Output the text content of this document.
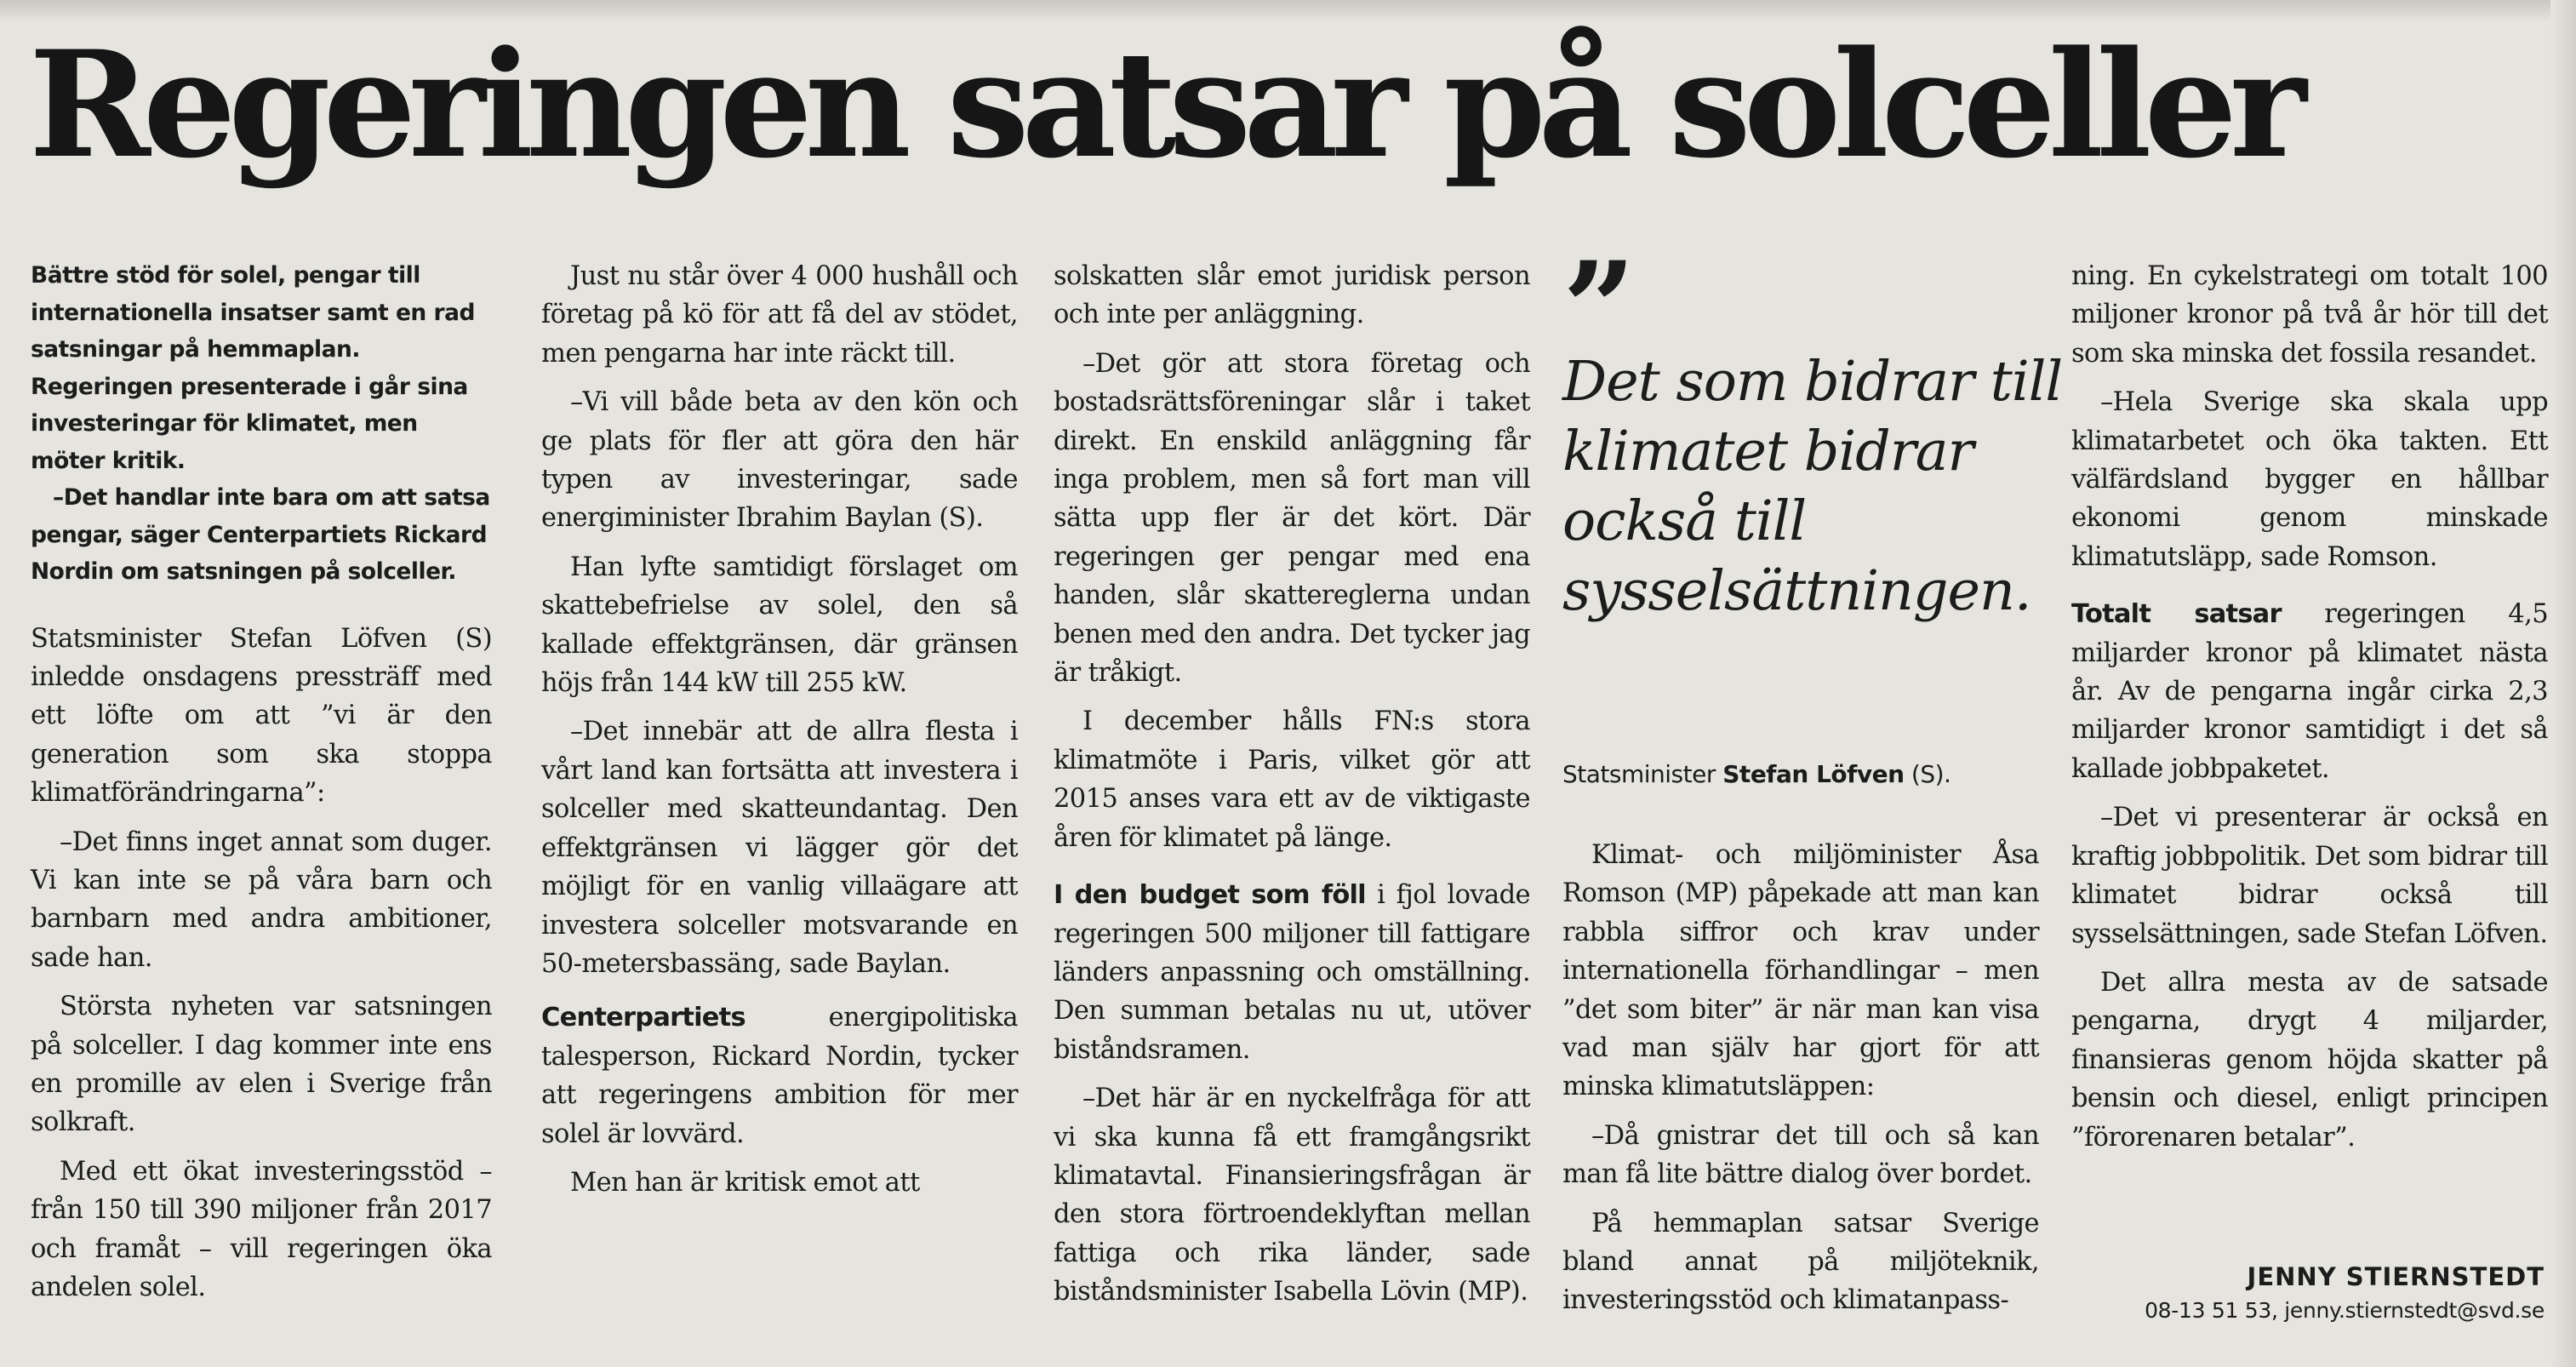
Regeringen satsar på solceller

Bättre stöd för solel, pengar till internationella insatser samt en rad satsningar på hemmaplan. Regeringen presenterade i går sina investeringar för klimatet, men möter kritik.

–Det handlar inte bara om att satsa pengar, säger Centerpartiets Rickard Nordin om satsningen på solceller.

Statsminister Stefan Löfven (S) inledde onsdagens pressträff med ett löfte om att ”vi är den generation som ska stoppa klimatförändringarna”:

–Det finns inget annat som duger. Vi kan inte se på våra barn och barnbarn med andra ambitioner, sade han.

Största nyheten var satsningen på solceller. I dag kommer inte ens en promille av elen i Sverige från solkraft.

Med ett ökat investeringsstöd – från 150 till 390 miljoner från 2017 och framåt – vill regeringen öka andelen solel.

Just nu står över 4 000 hushåll och företag på kö för att få del av stödet, men pengarna har inte räckt till.

–Vi vill både beta av den kön och ge plats för fler att göra den här typen av investeringar, sade energiminister Ibrahim Baylan (S).

Han lyfte samtidigt förslaget om skattebefrielse av solel, den så kallade effektgränsen, där gränsen höjs från 144 kW till 255 kW.

–Det innebär att de allra flesta i vårt land kan fortsätta att investera i solceller med skatteundantag. Den effektgränsen vi lägger gör det möjligt för en vanlig villaägare att investera solceller motsvarande en 50-metersbassäng, sade Baylan.

Centerpartiets energipolitiska talesperson, Rickard Nordin, tycker att regeringens ambition för mer solel är lovvärd.

Men han är kritisk emot att

solskatten slår emot juridisk person och inte per anläggning.

–Det gör att stora företag och bostadsrättsföreningar slår i taket direkt. En enskild anläggning får inga problem, men så fort man vill sätta upp fler är det kört. Där regeringen ger pengar med ena handen, slår skattereglerna undan benen med den andra. Det tycker jag är tråkigt.

I december hålls FN:s stora klimatmöte i Paris, vilket gör att 2015 anses vara ett av de viktigaste åren för klimatet på länge.

I den budget som föll i fjol lovade regeringen 500 miljoner till fattigare länders anpassning och omställning. Den summan betalas nu ut, utöver biståndsramen.

–Det här är en nyckelfråga för att vi ska kunna få ett framgångsrikt klimatavtal. Finansieringsfrågan är den stora förtroendeklyftan mellan fattiga och rika länder, sade biståndsminister Isabella Lövin (MP).

”

Det som bidrar till klimatet bidrar också till sysselsättningen.

Statsminister Stefan Löfven (S).

Klimat- och miljöminister Åsa Romson (MP) påpekade att man kan rabbla siffror och krav under internationella förhandlingar – men ”det som biter” är när man kan visa vad man själv har gjort för att minska klimatutsläppen:

–Då gnistrar det till och så kan man få lite bättre dialog över bordet.

På hemmaplan satsar Sverige bland annat på miljöteknik, investeringsstöd och klimatanpass-

ning. En cykelstrategi om totalt 100 miljoner kronor på två år hör till det som ska minska det fossila resandet.

–Hela Sverige ska skala upp klimatarbetet och öka takten. Ett välfärdsland bygger en hållbar ekonomi genom minskade klimatutsläpp, sade Romson.

Totalt satsar regeringen 4,5 miljarder kronor på klimatet nästa år. Av de pengarna ingår cirka 2,3 miljarder kronor samtidigt i det så kallade jobbpaketet.

–Det vi presenterar är också en kraftig jobbpolitik. Det som bidrar till klimatet bidrar också till sysselsättningen, sade Stefan Löfven.

Det allra mesta av de satsade pengarna, drygt 4 miljarder, finansieras genom höjda skatter på bensin och diesel, enligt principen ”förorenaren betalar”.

JENNY STIERNSTEDT
08-13 51 53, jenny.stiernstedt@svd.se
